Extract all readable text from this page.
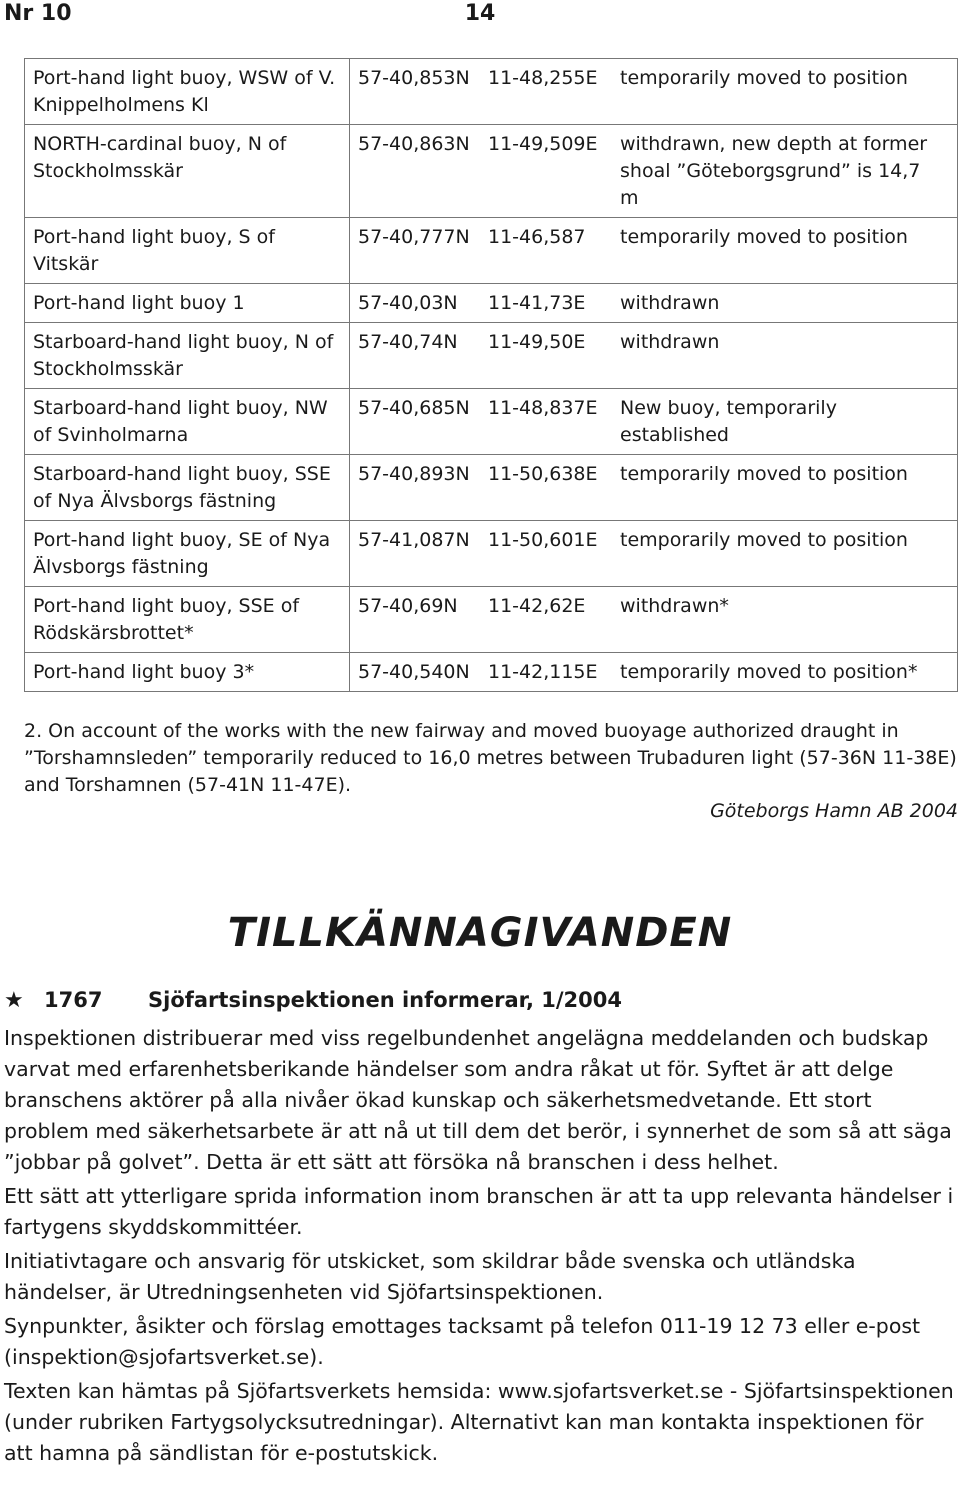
Nr 10	14
Port-hand light buoy, WSW of V. Knippelholmens Kl	57-40,853N 11-48,255E temporarily moved to position
NORTH-cardinal buoy, N of Stockholmsskär	57-40,863N 11-49,509E withdrawn, new depth at former shoal ”Göteborgsgrund” is 14,7 m
Port-hand light buoy, S of Vitskär	57-40,777N 11-46,587 temporarily moved to position
Port-hand light buoy 1	57-40,03N 11-41,73E withdrawn
Starboard-hand light buoy, N of Stockholmsskär	57-40,74N 11-49,50E withdrawn
Starboard-hand light buoy, NW of Svinholmarna	57-40,685N 11-48,837E New buoy, temporarily established
Starboard-hand light buoy, SSE of Nya Älvsborgs fästning	57-40,893N 11-50,638E temporarily moved to position
Port-hand light buoy, SE of Nya Älvsborgs fästning	57-41,087N 11-50,601E temporarily moved to position
Port-hand light buoy, SSE of Rödskärsbrottet*	57-40,69N 11-42,62E withdrawn*
Port-hand light buoy 3*	57-40,540N 11-42,115E temporarily moved to position*
2. On account of the works with the new fairway and moved buoyage authorized draught in ”Torshamnsleden” temporarily reduced to 16,0 metres between Trubaduren light (57-36N 11-38E) and Torshamnen (57-41N 11-47E).
Göteborgs Hamn AB 2004
TILLKÄNNAGIVANDEN
★ 1767 Sjöfartsinspektionen informerar, 1/2004

Inspektionen distribuerar med viss regelbundenhet angelägna meddelanden och budskap varvat med erfarenhetsberikande händelser som andra råkat ut för. Syftet är att delge branschens aktörer på alla nivåer ökad kunskap och säkerhetsmedvetande. Ett stort problem med säkerhetsarbete är att nå ut till dem det berör, i synnerhet de som så att säga ”jobbar på golvet”. Detta är ett sätt att försöka nå branschen i dess helhet.

Ett sätt att ytterligare sprida information inom branschen är att ta upp relevanta händelser i fartygens skyddskommittéer.

Initiativtagare och ansvarig för utskicket, som skildrar både svenska och utländska händelser, är Utredningsenheten vid Sjöfartsinspektionen.

Synpunkter, åsikter och förslag emottages tacksamt på telefon 011-19 12 73 eller e-post (inspektion@sjofartsverket.se).

Texten kan hämtas på Sjöfartsverkets hemsida: www.sjofartsverket.se - Sjöfartsinspektionen (under rubriken Fartygsolycksutredningar). Alternativt kan man kontakta inspektionen för att hamna på sändlistan för e-postutskick.
